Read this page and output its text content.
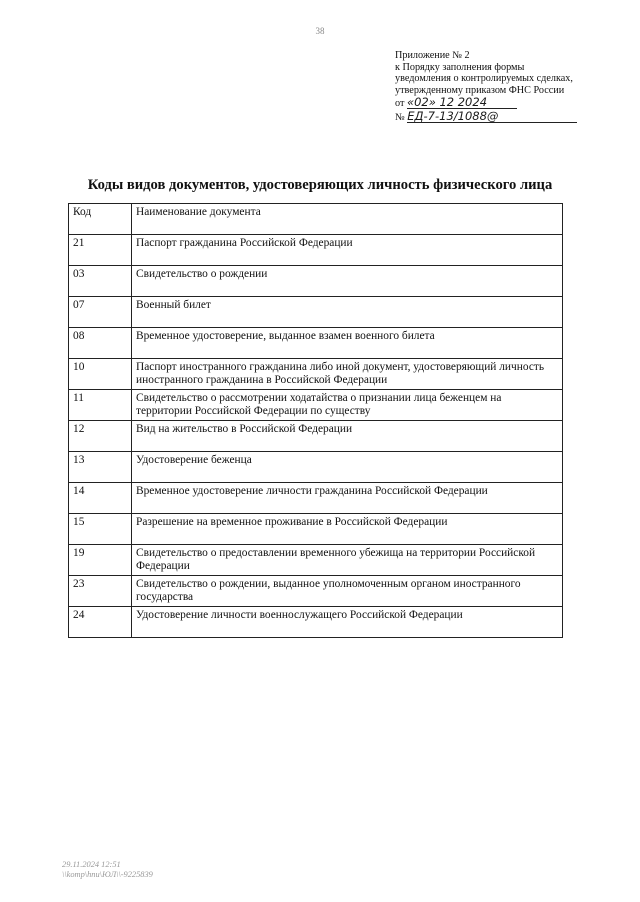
38
Приложение № 2
к Порядку заполнения формы
уведомления о контролируемых сделках,
утвержденному приказом ФНС России
от «02» 12 2024
№ ЕД-7-13/1088@
Коды видов документов, удостоверяющих личность физического лица
Код	Наименование документа
21	Паспорт гражданина Российской Федерации
03	Свидетельство о рождении
07	Военный билет
08	Временное удостоверение, выданное взамен военного билета
10	Паспорт иностранного гражданина либо иной документ, удостоверяющий личность иностранного гражданина в Российской Федерации
11	Свидетельство о рассмотрении ходатайства о признании лица беженцем на территории Российской Федерации по существу
12	Вид на жительство в Российской Федерации
13	Удостоверение беженца
14	Временное удостоверение личности гражданина Российской Федерации
15	Разрешение на временное проживание в Российской Федерации
19	Свидетельство о предоставлении временного убежища на территории Российской Федерации
23	Свидетельство о рождении, выданное уполномоченным органом иностранного государства
24	Удостоверение личности военнослужащего Российской Федерации
29.11.2024 12:51
\\komp\hnu\ЮЛ\\-9225839
